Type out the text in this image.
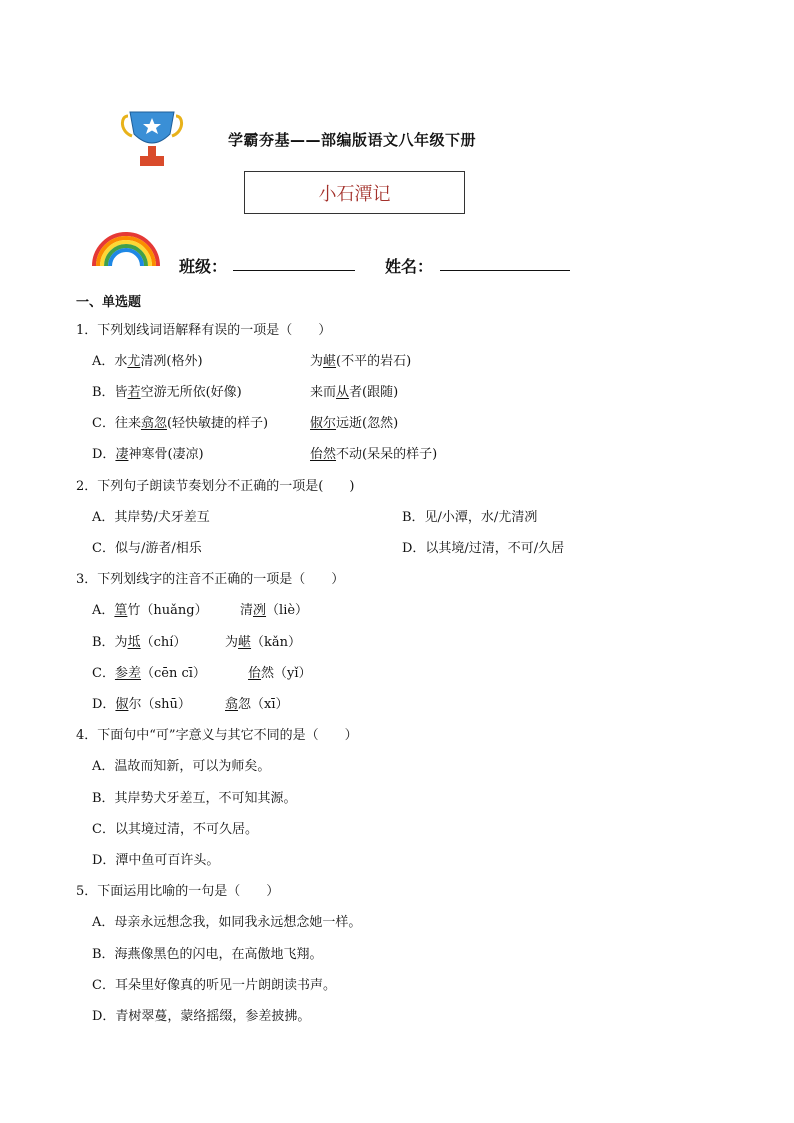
学霸夯基——部编版语文八年级下册
小石潭记
班级：	姓名：
一、单选题
1．下列划线词语解释有误的一项是（　　）
A．水尤清冽(格外)	为嵁(不平的岩石)
B．皆若空游无所依(好像)	来而从者(跟随)
C．往来翕忽(轻快敏捷的样子)	俶尔远逝(忽然)
D．凄神寒骨(凄凉)	佁然不动(呆呆的样子)
2．下列句子朗读节奏划分不正确的一项是(　　)
A．其岸势/犬牙差互	B．见/小潭，水/尤清冽
C．似与/游者/相乐	D．以其境/过清，不可/久居
3．下列划线字的注音不正确的一项是（　　）
A．篁竹（huǎng） 清冽（liè）
B．为坻（chí）	为嵁（kǎn）
C．参差（cēn cī）	佁然（yǐ）
D．俶尔（shū）	翕忽（xī）
4．下面句中“可”字意义与其它不同的是（　　）
A．温故而知新，可以为师矣。
B．其岸势犬牙差互，不可知其源。
C．以其境过清，不可久居。
D．潭中鱼可百许头。
5．下面运用比喻的一句是（　　）
A．母亲永远想念我，如同我永远想念她一样。
B．海燕像黑色的闪电，在高傲地飞翔。
C．耳朵里好像真的听见一片朗朗读书声。
D．青树翠蔓，蒙络摇缀，参差披拂。
